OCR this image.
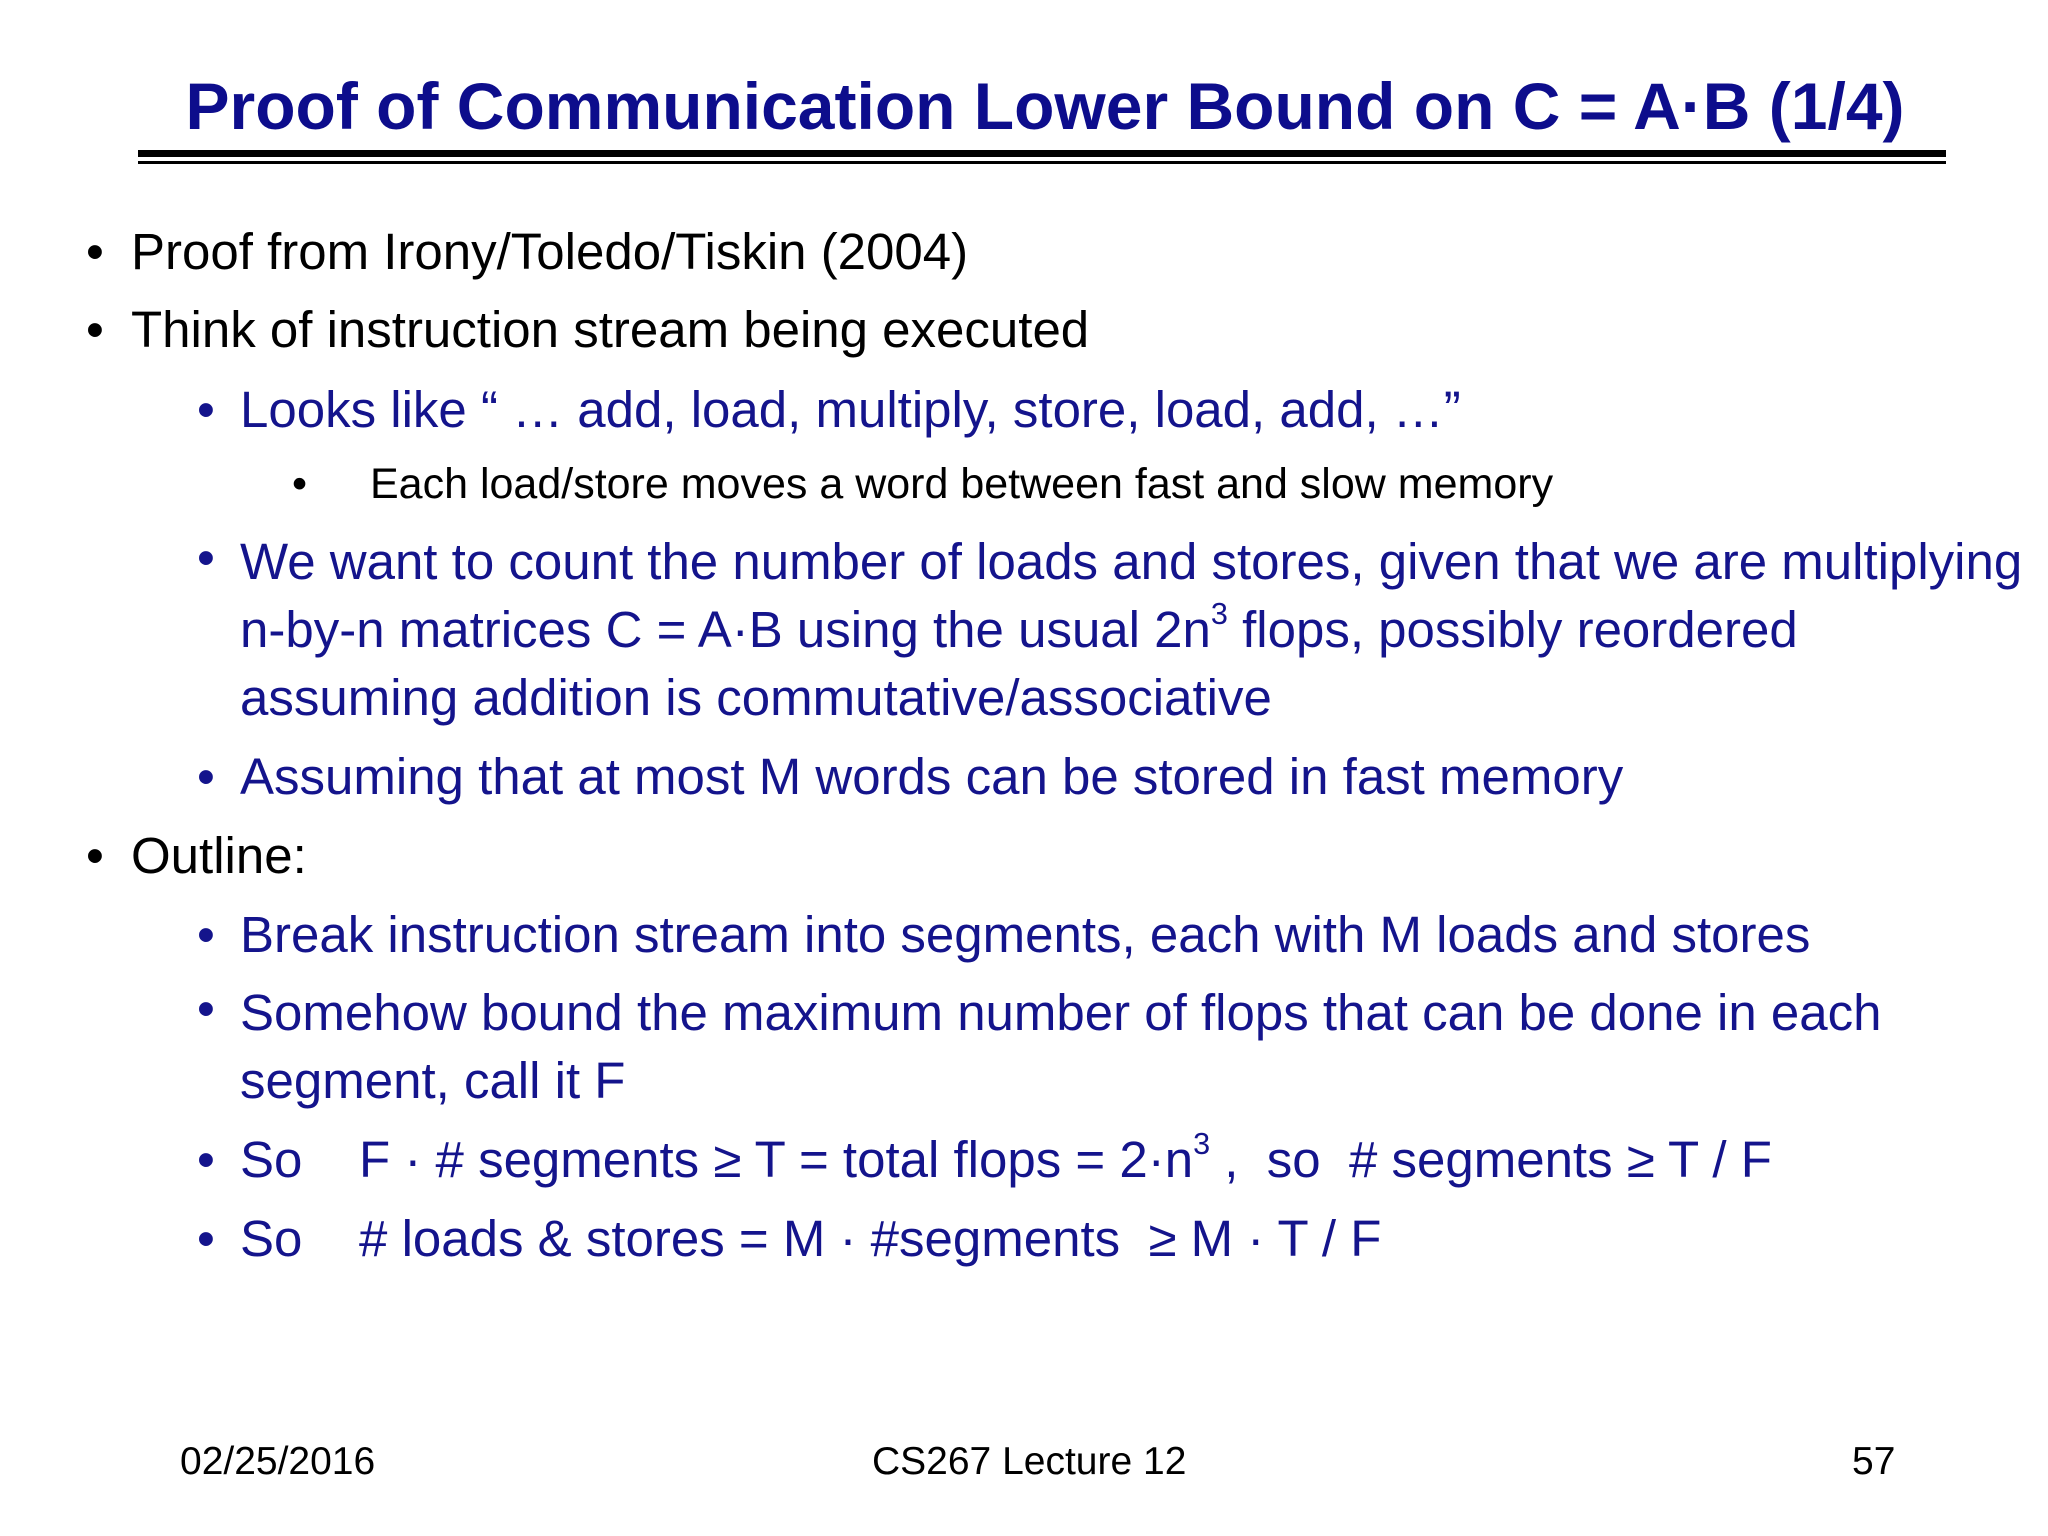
Proof of Communication Lower Bound on C = A·B (1/4)
• Proof from Irony/Toledo/Tiskin (2004)
• Think of instruction stream being executed
• Looks like “ … add, load, multiply, store, load, add, …”
• Each load/store moves a word between fast and slow memory
• We want to count the number of loads and stores, given that we are multiplying n-by-n matrices C = A·B using the usual $2n^3$ flops, possibly reordered assuming addition is commutative/associative
• Assuming that at most M words can be stored in fast memory
• Outline:
• Break instruction stream into segments, each with M loads and stores
• Somehow bound the maximum number of flops that can be done in each segment, call it F
• So    F · # segments ≥ T = total flops = $2\cdot n^3$ ,  so  # segments ≥ T / F
• So    # loads & stores = M · #segments  ≥ M · T / F
02/25/2016	CS267 Lecture 12	57
